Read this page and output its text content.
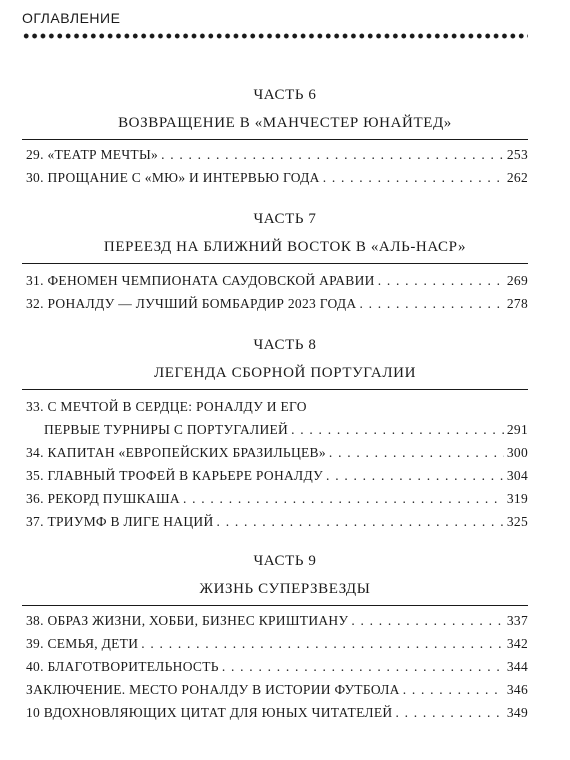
ОГЛАВЛЕНИЕ
ЧАСТЬ 6
ВОЗВРАЩЕНИЕ В «МАНЧЕСТЕР ЮНАЙТЕД»
29. «ТЕАТР МЕЧТЫ» . . .	253
30. ПРОЩАНИЕ С «МЮ» И ИНТЕРВЬЮ ГОДА . . .	262
ЧАСТЬ 7
ПЕРЕЕЗД НА БЛИЖНИЙ ВОСТОК В «АЛЬ-НАСР»
31. ФЕНОМЕН ЧЕМПИОНАТА САУДОВСКОЙ АРАВИИ . . .	269
32. РОНАЛДУ — ЛУЧШИЙ БОМБАРДИР 2023 ГОДА . . .	278
ЧАСТЬ 8
ЛЕГЕНДА СБОРНОЙ ПОРТУГАЛИИ
33. С МЕЧТОЙ В СЕРДЦЕ: РОНАЛДУ И ЕГО
ПЕРВЫЕ ТУРНИРЫ С ПОРТУГАЛИЕЙ . . .	291
34. КАПИТАН «ЕВРОПЕЙСКИХ БРАЗИЛЬЦЕВ» . . .	300
35. ГЛАВНЫЙ ТРОФЕЙ В КАРЬЕРЕ РОНАЛДУ . . .	304
36. РЕКОРД ПУШКАША . . .	319
37. ТРИУМФ В ЛИГЕ НАЦИЙ . . .	325
ЧАСТЬ 9
ЖИЗНЬ СУПЕРЗВЕЗДЫ
38. ОБРАЗ ЖИЗНИ, ХОББИ, БИЗНЕС КРИШТИАНУ . . .	337
39. СЕМЬЯ, ДЕТИ . . .	342
40. БЛАГОТВОРИТЕЛЬНОСТЬ . . .	344
ЗАКЛЮЧЕНИЕ. МЕСТО РОНАЛДУ В ИСТОРИИ ФУТБОЛА . . .	346
10 ВДОХНОВЛЯЮЩИХ ЦИТАТ ДЛЯ ЮНЫХ ЧИТАТЕЛЕЙ . . .	349
